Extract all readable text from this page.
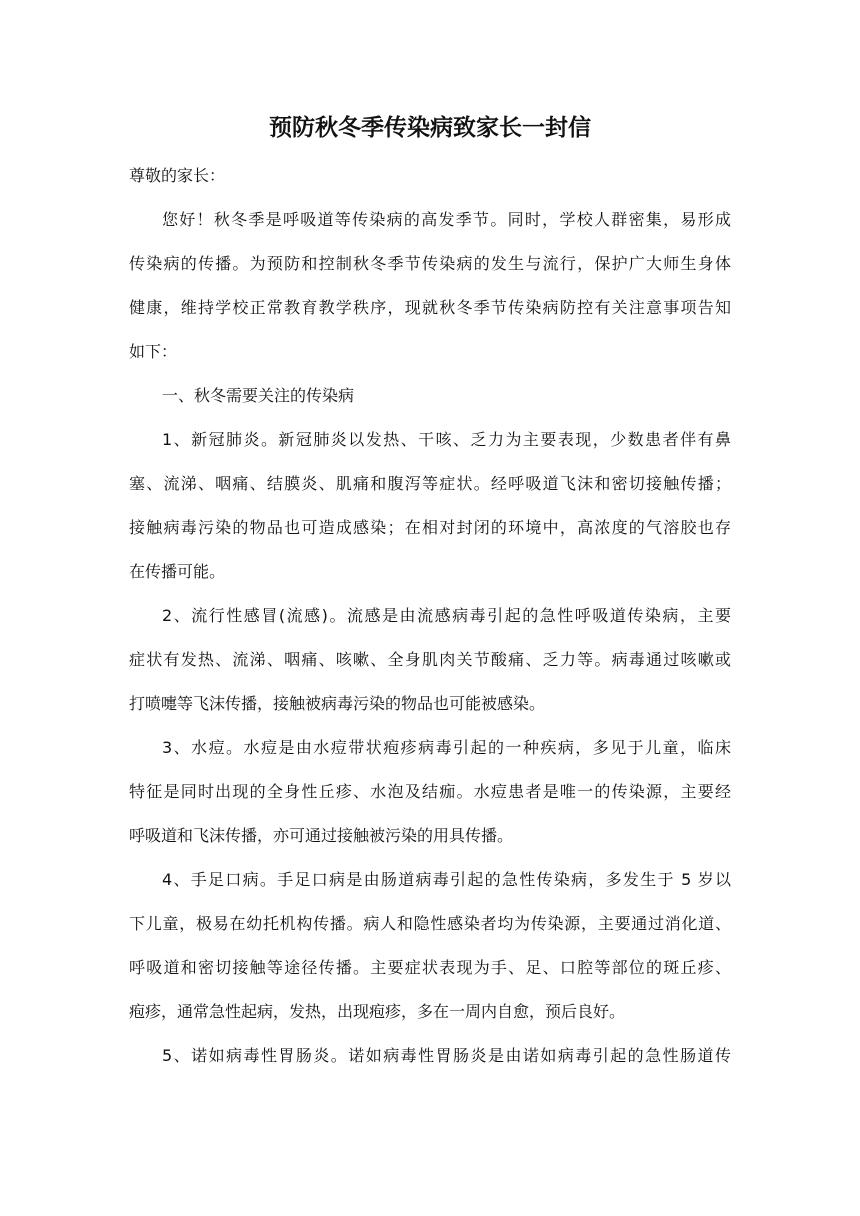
预防秋冬季传染病致家长一封信
尊敬的家长：
您好！秋冬季是呼吸道等传染病的高发季节。同时，学校人群密集，易形成
传染病的传播。为预防和控制秋冬季节传染病的发生与流行，保护广大师生身体
健康，维持学校正常教育教学秩序，现就秋冬季节传染病防控有关注意事项告知
如下：
一、秋冬需要关注的传染病
1、新冠肺炎。新冠肺炎以发热、干咳、乏力为主要表现，少数患者伴有鼻
塞、流涕、咽痛、结膜炎、肌痛和腹泻等症状。经呼吸道飞沫和密切接触传播；
接触病毒污染的物品也可造成感染；在相对封闭的环境中，高浓度的气溶胶也存
在传播可能。
2、流行性感冒(流感)。流感是由流感病毒引起的急性呼吸道传染病，主要
症状有发热、流涕、咽痛、咳嗽、全身肌肉关节酸痛、乏力等。病毒通过咳嗽或
打喷嚏等飞沫传播，接触被病毒污染的物品也可能被感染。
3、水痘。水痘是由水痘带状疱疹病毒引起的一种疾病，多见于儿童，临床
特征是同时出现的全身性丘疹、水泡及结痂。水痘患者是唯一的传染源，主要经
呼吸道和飞沫传播，亦可通过接触被污染的用具传播。
4、手足口病。手足口病是由肠道病毒引起的急性传染病，多发生于 5 岁以
下儿童，极易在幼托机构传播。病人和隐性感染者均为传染源，主要通过消化道、
呼吸道和密切接触等途径传播。主要症状表现为手、足、口腔等部位的斑丘疹、
疱疹，通常急性起病，发热，出现疱疹，多在一周内自愈，预后良好。
5、诺如病毒性胃肠炎。诺如病毒性胃肠炎是由诺如病毒引起的急性肠道传
